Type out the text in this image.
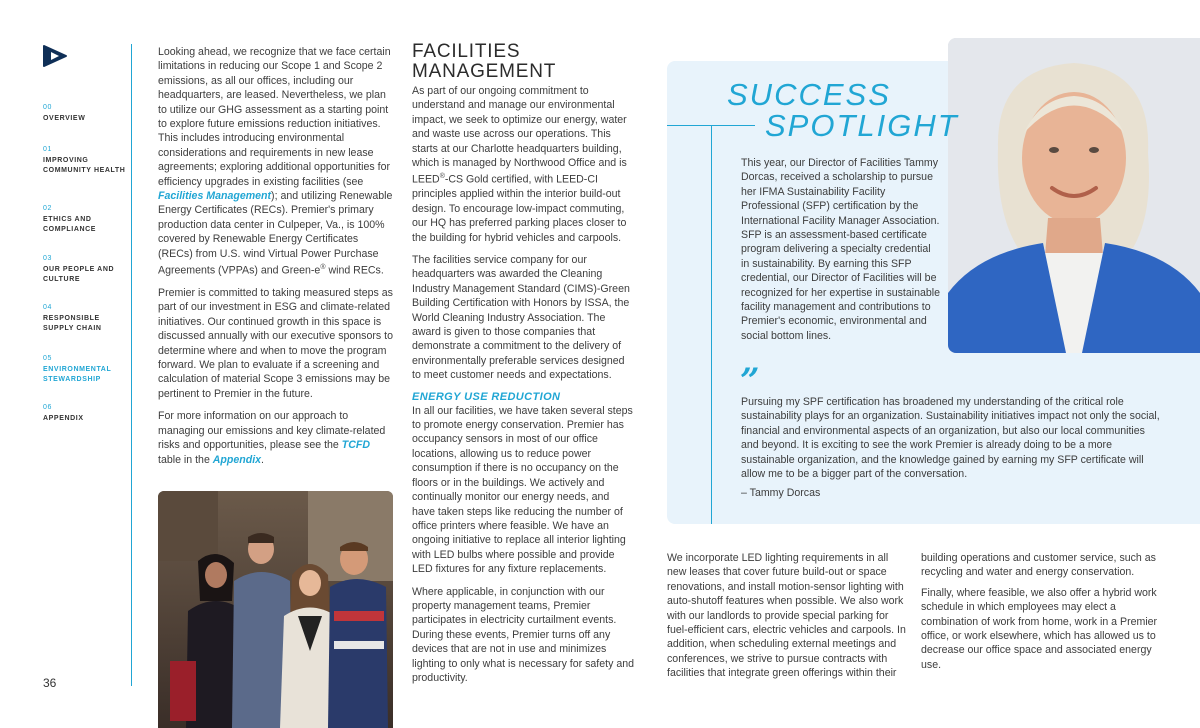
00
OVERVIEW
01
IMPROVING COMMUNITY HEALTH
02
ETHICS AND COMPLIANCE
03
OUR PEOPLE AND CULTURE
04
RESPONSIBLE SUPPLY CHAIN
05
ENVIRONMENTAL STEWARDSHIP
06
APPENDIX
36

Looking ahead, we recognize that we face certain limitations in reducing our Scope 1 and Scope 2 emissions, as all our offices, including our headquarters, are leased. Nevertheless, we plan to utilize our GHG assessment as a starting point to explore future emissions reduction initiatives. This includes introducing environmental considerations and requirements in new lease agreements; exploring additional opportunities for efficiency upgrades in existing facilities (see Facilities Management); and utilizing Renewable Energy Certificates (RECs). Premier's primary production data center in Culpeper, Va., is 100% covered by Renewable Energy Certificates (RECs) from U.S. wind Virtual Power Purchase Agreements (VPPAs) and Green-e® wind RECs.

Premier is committed to taking measured steps as part of our investment in ESG and climate-related initiatives. Our continued growth in this space is discussed annually with our executive sponsors to determine where and when to move the program forward. We plan to evaluate if a screening and calculation of material Scope 3 emissions may be pertinent to Premier in the future.

For more information on our approach to managing our emissions and key climate-related risks and opportunities, please see the TCFD table in the Appendix.

FACILITIES MANAGEMENT

As part of our ongoing commitment to understand and manage our environmental impact, we seek to optimize our energy, water and waste use across our operations. This starts at our Charlotte headquarters building, which is managed by Northwood Office and is LEED®-CS Gold certified, with LEED-CI principles applied within the interior build-out design. To encourage low-impact commuting, our HQ has preferred parking places closer to the building for hybrid vehicles and carpools.

The facilities service company for our headquarters was awarded the Cleaning Industry Management Standard (CIMS)-Green Building Certification with Honors by ISSA, the World Cleaning Industry Association. The award is given to those companies that demonstrate a commitment to the delivery of environmentally preferable services designed to meet customer needs and expectations.

ENERGY USE REDUCTION

In all our facilities, we have taken several steps to promote energy conservation. Premier has occupancy sensors in most of our office locations, allowing us to reduce power consumption if there is no occupancy on the floors or in the buildings. We actively and continually monitor our energy needs, and have taken steps like reducing the number of office printers where feasible. We have an ongoing initiative to replace all interior lighting with LED bulbs where possible and provide LED fixtures for any fixture replacements.

Where applicable, in conjunction with our property management teams, Premier participates in electricity curtailment events. During these events, Premier turns off any devices that are not in use and minimizes lighting to only what is necessary for safety and productivity.

SUCCESS
SPOTLIGHT
This year, our Director of Facilities Tammy Dorcas, received a scholarship to pursue her IFMA Sustainability Facility Professional (SFP) certification by the International Facility Manager Association. SFP is an assessment-based certificate program delivering a specialty credential in sustainability. By earning this SFP credential, our Director of Facilities will be recognized for her expertise in sustainable facility management and contributions to Premier's economic, environmental and social bottom lines.
”
Pursuing my SPF certification has broadened my understanding of the critical role sustainability plays for an organization. Sustainability initiatives impact not only the social, financial and environmental aspects of an organization, but also our local communities and beyond. It is exciting to see the work Premier is already doing to be a more sustainable organization, and the knowledge gained by earning my SFP certificate will allow me to be a bigger part of the conversation.
– Tammy Dorcas

We incorporate LED lighting requirements in all new leases that cover future build-out or space renovations, and install motion-sensor lighting with auto-shutoff features when possible. We also work with our landlords to provide special parking for fuel-efficient cars, electric vehicles and carpools. In addition, when scheduling external meetings and conferences, we strive to pursue contracts with facilities that integrate green offerings within their

building operations and customer service, such as recycling and water and energy conservation.

Finally, where feasible, we also offer a hybrid work schedule in which employees may elect a combination of work from home, work in a Premier office, or work elsewhere, which has allowed us to decrease our office space and associated energy use.
